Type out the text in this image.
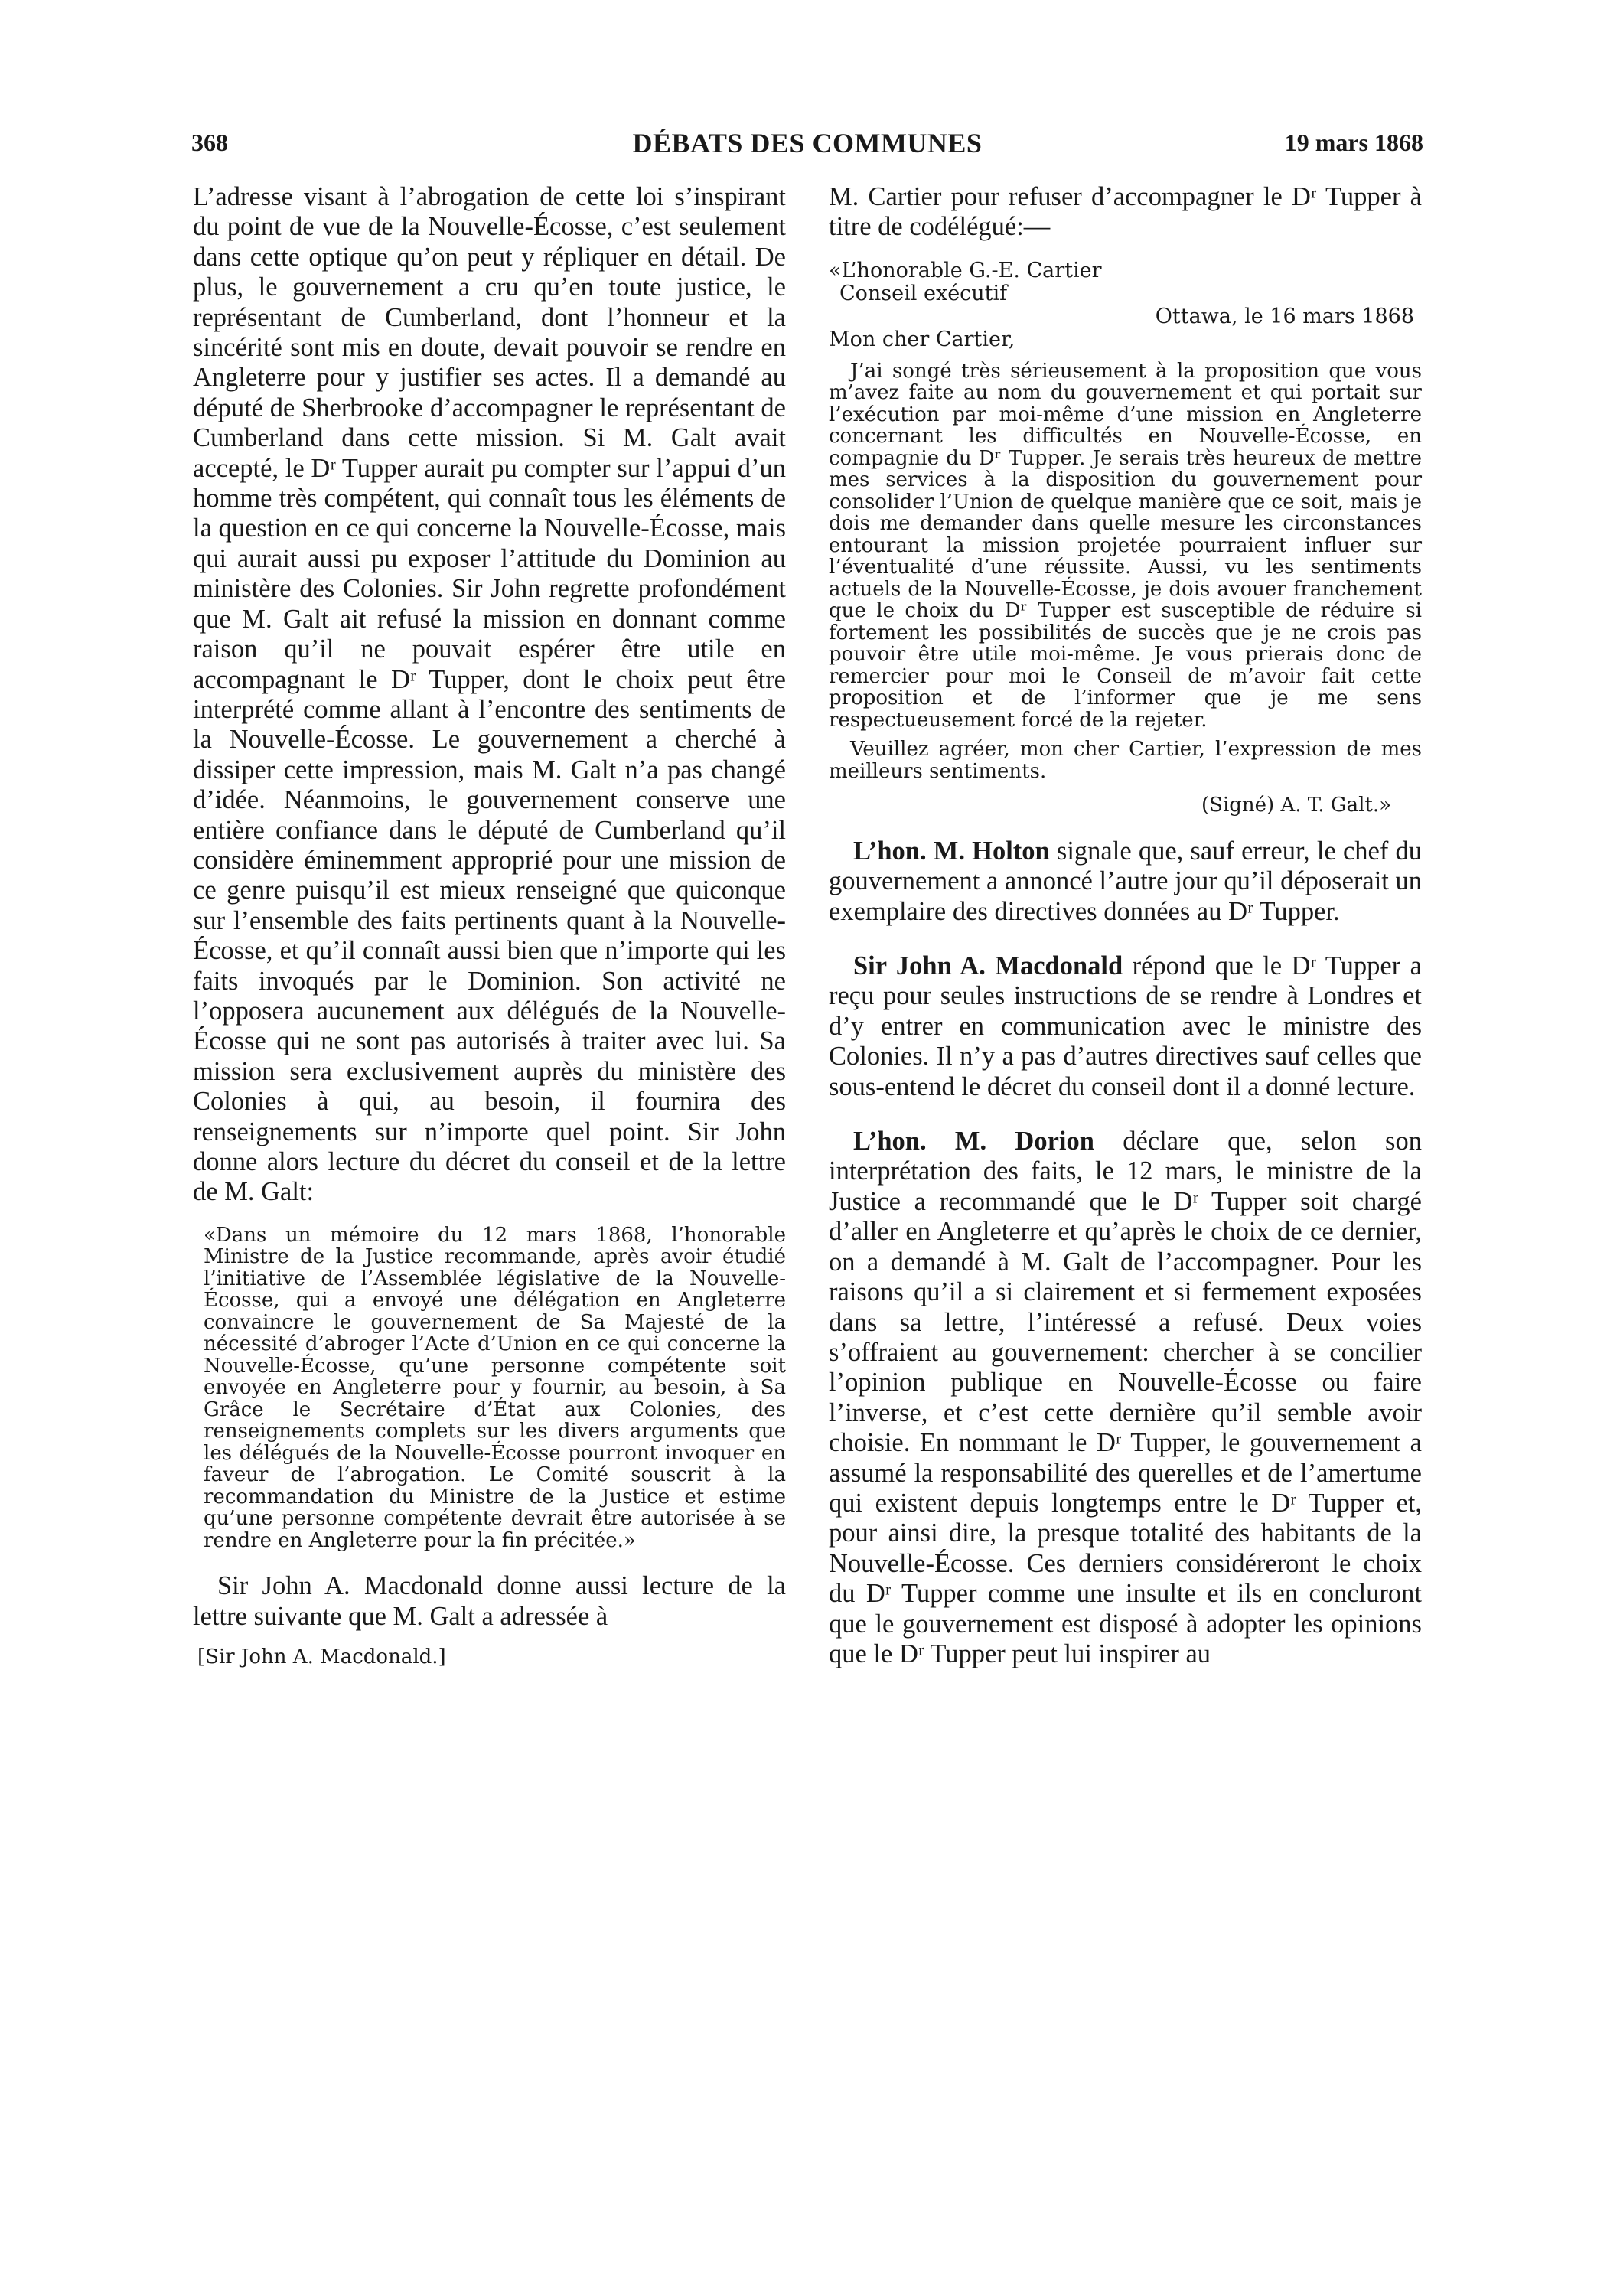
368	DÉBATS DES COMMUNES	19 mars 1868

L’adresse visant à l’abrogation de cette loi s’inspirant du point de vue de la Nouvelle-Écosse, c’est seulement dans cette optique qu’on peut y répliquer en détail. De plus, le gouvernement a cru qu’en toute justice, le représentant de Cumberland, dont l’honneur et la sincérité sont mis en doute, devait pouvoir se rendre en Angleterre pour y justifier ses actes. Il a demandé au député de Sherbrooke d’accompagner le représentant de Cumberland dans cette mission. Si M. Galt avait accepté, le Dʳ Tupper aurait pu compter sur l’appui d’un homme très compétent, qui connaît tous les éléments de la question en ce qui concerne la Nouvelle-Écosse, mais qui aurait aussi pu exposer l’attitude du Dominion au ministère des Colonies. Sir John regrette profondément que M. Galt ait refusé la mission en donnant comme raison qu’il ne pouvait espérer être utile en accompagnant le Dʳ Tupper, dont le choix peut être interprété comme allant à l’encontre des sentiments de la Nouvelle-Écosse. Le gouvernement a cherché à dissiper cette impression, mais M. Galt n’a pas changé d’idée. Néanmoins, le gouvernement conserve une entière confiance dans le député de Cumberland qu’il considère éminemment approprié pour une mission de ce genre puisqu’il est mieux renseigné que quiconque sur l’ensemble des faits pertinents quant à la Nouvelle-Écosse, et qu’il connaît aussi bien que n’importe qui les faits invoqués par le Dominion. Son activité ne l’opposera aucunement aux délégués de la Nouvelle-Écosse qui ne sont pas autorisés à traiter avec lui. Sa mission sera exclusivement auprès du ministère des Colonies à qui, au besoin, il fournira des renseignements sur n’importe quel point. Sir John donne alors lecture du décret du conseil et de la lettre de M. Galt:

«Dans un mémoire du 12 mars 1868, l’honorable Ministre de la Justice recommande, après avoir étudié l’initiative de l’Assemblée législative de la Nouvelle-Écosse, qui a envoyé une délégation en Angleterre convaincre le gouvernement de Sa Majesté de la nécessité d’abroger l’Acte d’Union en ce qui concerne la Nouvelle-Écosse, qu’une personne compétente soit envoyée en Angleterre pour y fournir, au besoin, à Sa Grâce le Secrétaire d’État aux Colonies, des renseignements complets sur les divers arguments que les délégués de la Nouvelle-Écosse pourront invoquer en faveur de l’abrogation. Le Comité souscrit à la recommandation du Ministre de la Justice et estime qu’une personne compétente devrait être autorisée à se rendre en Angleterre pour la fin précitée.»

Sir John A. Macdonald donne aussi lecture de la lettre suivante que M. Galt a adressée à

[Sir John A. Macdonald.]

M. Cartier pour refuser d’accompagner le Dʳ Tupper à titre de codélégué:—

«L’honorable G.-E. Cartier

Conseil exécutif

Ottawa, le 16 mars 1868

Mon cher Cartier,

J’ai songé très sérieusement à la proposition que vous m’avez faite au nom du gouvernement et qui portait sur l’exécution par moi-même d’une mission en Angleterre concernant les difficultés en Nouvelle-Écosse, en compagnie du Dʳ Tupper. Je serais très heureux de mettre mes services à la disposition du gouvernement pour consolider l’Union de quelque manière que ce soit, mais je dois me demander dans quelle mesure les circonstances entourant la mission projetée pourraient influer sur l’éventualité d’une réussite. Aussi, vu les sentiments actuels de la Nouvelle-Écosse, je dois avouer franchement que le choix du Dʳ Tupper est susceptible de réduire si fortement les possibilités de succès que je ne crois pas pouvoir être utile moi-même. Je vous prierais donc de remercier pour moi le Conseil de m’avoir fait cette proposition et de l’informer que je me sens respectueusement forcé de la rejeter.

Veuillez agréer, mon cher Cartier, l’expression de mes meilleurs sentiments.

(Signé) A. T. Galt.»

L’hon. M. Holton signale que, sauf erreur, le chef du gouvernement a annoncé l’autre jour qu’il déposerait un exemplaire des directives données au Dʳ Tupper.

Sir John A. Macdonald répond que le Dʳ Tupper a reçu pour seules instructions de se rendre à Londres et d’y entrer en communication avec le ministre des Colonies. Il n’y a pas d’autres directives sauf celles que sous-entend le décret du conseil dont il a donné lecture.

L’hon. M. Dorion déclare que, selon son interprétation des faits, le 12 mars, le ministre de la Justice a recommandé que le Dʳ Tupper soit chargé d’aller en Angleterre et qu’après le choix de ce dernier, on a demandé à M. Galt de l’accompagner. Pour les raisons qu’il a si clairement et si fermement exposées dans sa lettre, l’intéressé a refusé. Deux voies s’offraient au gouvernement: chercher à se concilier l’opinion publique en Nouvelle-Écosse ou faire l’inverse, et c’est cette dernière qu’il semble avoir choisie. En nommant le Dʳ Tupper, le gouvernement a assumé la responsabilité des querelles et de l’amertume qui existent depuis longtemps entre le Dʳ Tupper et, pour ainsi dire, la presque totalité des habitants de la Nouvelle-Écosse. Ces derniers considéreront le choix du Dʳ Tupper comme une insulte et ils en concluront que le gouvernement est disposé à adopter les opinions que le Dʳ Tupper peut lui inspirer au
